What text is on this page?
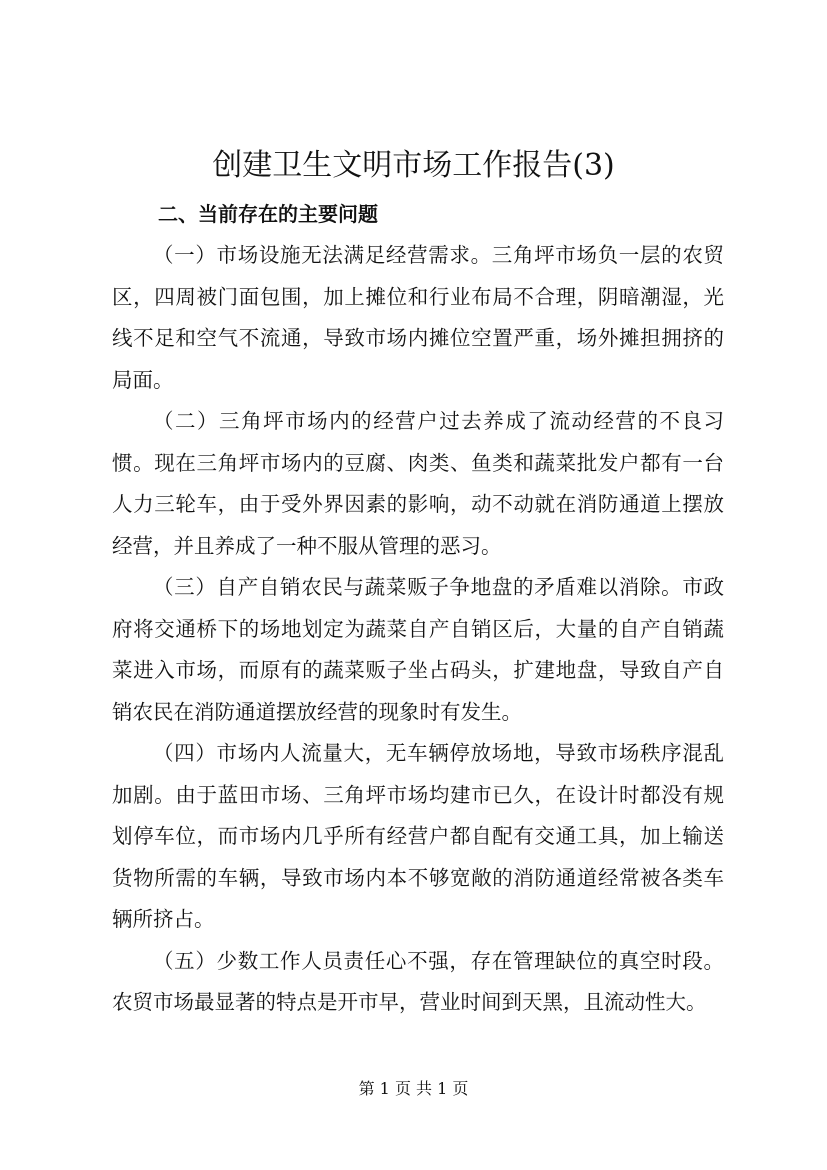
创建卫生文明市场工作报告(3)
二、当前存在的主要问题

（一）市场设施无法满足经营需求。三角坪市场负一层的农贸区，四周被门面包围，加上摊位和行业布局不合理，阴暗潮湿，光线不足和空气不流通，导致市场内摊位空置严重，场外摊担拥挤的局面。

（二）三角坪市场内的经营户过去养成了流动经营的不良习惯。现在三角坪市场内的豆腐、肉类、鱼类和蔬菜批发户都有一台人力三轮车，由于受外界因素的影响，动不动就在消防通道上摆放经营，并且养成了一种不服从管理的恶习。

（三）自产自销农民与蔬菜贩子争地盘的矛盾难以消除。市政府将交通桥下的场地划定为蔬菜自产自销区后，大量的自产自销蔬菜进入市场，而原有的蔬菜贩子坐占码头，扩建地盘，导致自产自销农民在消防通道摆放经营的现象时有发生。

（四）市场内人流量大，无车辆停放场地，导致市场秩序混乱加剧。由于蓝田市场、三角坪市场均建市已久，在设计时都没有规划停车位，而市场内几乎所有经营户都自配有交通工具，加上输送货物所需的车辆，导致市场内本不够宽敞的消防通道经常被各类车辆所挤占。

（五）少数工作人员责任心不强，存在管理缺位的真空时段。农贸市场最显著的特点是开市早，营业时间到天黑，且流动性大。

第 1 页 共 1 页
